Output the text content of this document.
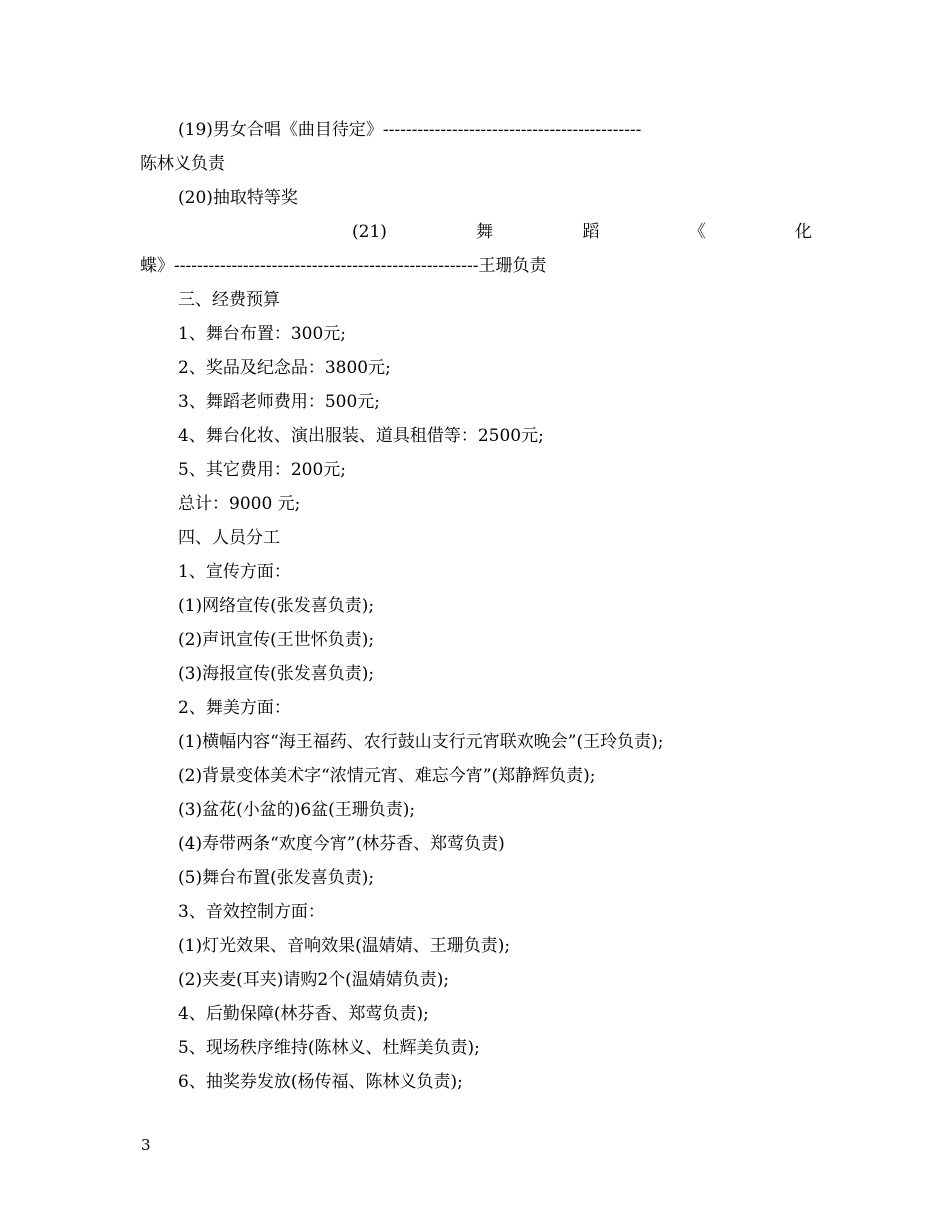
(19)男女合唱《曲目待定》---------------------------------------------
陈林义负责
(20)抽取特等奖
(21)	舞	蹈	《	化
蝶》-----------------------------------------------------王珊负责
三、经费预算
1、舞台布置：300元;
2、奖品及纪念品：3800元;
3、舞蹈老师费用：500元;
4、舞台化妆、演出服装、道具租借等：2500元;
5、其它费用：200元;
总计：9000 元;
四、人员分工
1、宣传方面：
(1)网络宣传(张发喜负责);
(2)声讯宣传(王世怀负责);
(3)海报宣传(张发喜负责);
2、舞美方面：
(1)横幅内容“海王福药、农行鼓山支行元宵联欢晚会”(王玲负责);
(2)背景变体美术字“浓情元宵、难忘今宵”(郑静辉负责);
(3)盆花(小盆的)6盆(王珊负责);
(4)寿带两条“欢度今宵”(林芬香、郑莺负责)
(5)舞台布置(张发喜负责);
3、音效控制方面：
(1)灯光效果、音响效果(温婧婧、王珊负责);
(2)夹麦(耳夹)请购2个(温婧婧负责);
4、后勤保障(林芬香、郑莺负责);
5、现场秩序维持(陈林义、杜辉美负责);
6、抽奖券发放(杨传福、陈林义负责);
3
